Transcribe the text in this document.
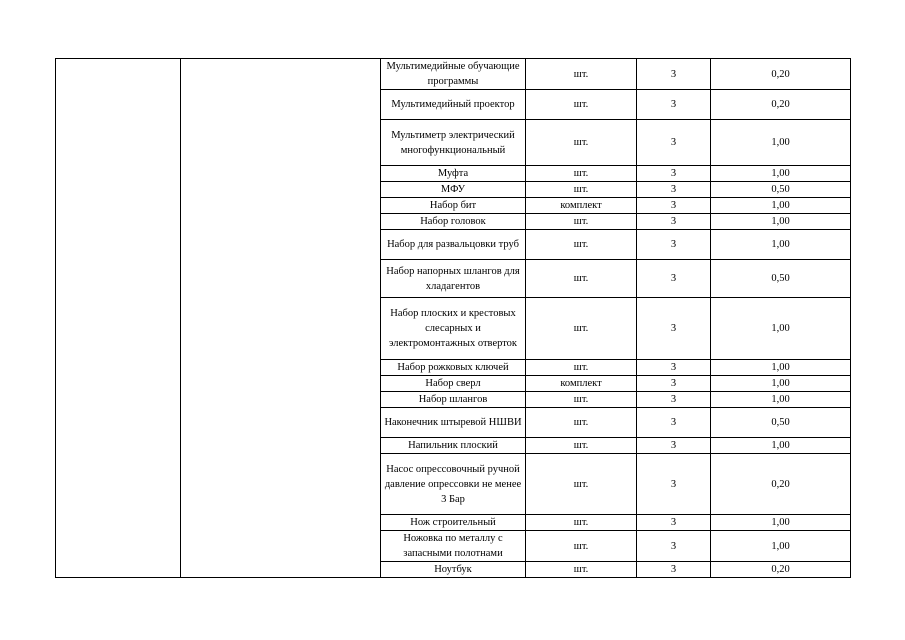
		Мультимедийные обучающие программы	шт.	3	0,20
		Мультимедийный проектор	шт.	3	0,20
		Мультиметр электрический многофункциональный	шт.	3	1,00
		Муфта	шт.	3	1,00
		МФУ	шт.	3	0,50
		Набор бит	комплект	3	1,00
		Набор головок	шт.	3	1,00
		Набор для развальцовки труб	шт.	3	1,00
		Набор напорных шлангов для хладагентов	шт.	3	0,50
		Набор плоских и крестовых слесарных и электромонтажных отверток	шт.	3	1,00
		Набор рожковых ключей	шт.	3	1,00
		Набор сверл	комплект	3	1,00
		Набор шлангов	шт.	3	1,00
		Наконечник штыревой НШВИ	шт.	3	0,50
		Напильник плоский	шт.	3	1,00
		Насос опрессовочный ручной давление опрессовки не менее 3 Бар	шт.	3	0,20
		Нож строительный	шт.	3	1,00
		Ножовка по металлу с запасными полотнами	шт.	3	1,00
		Ноутбук	шт.	3	0,20
